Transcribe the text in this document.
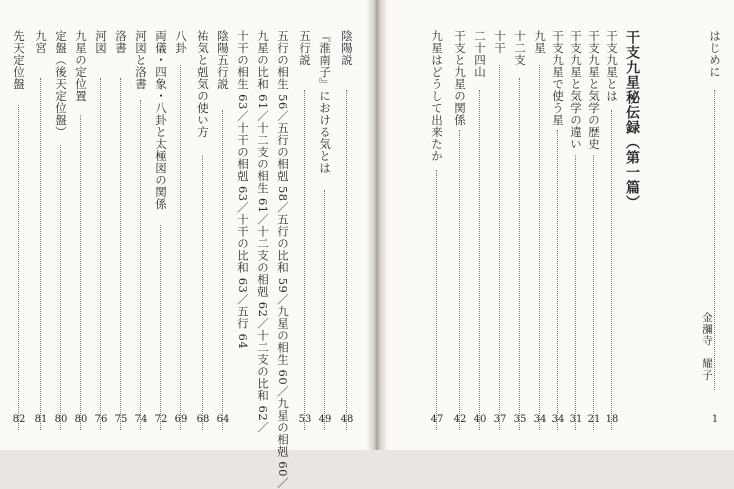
はじめに
1
金瀰寺　耀子
干支九星秘伝録（第一篇）
干支九星とは
18
干支九星と気学の歴史
21
干支九星と気学の違い
31
干支九星で使う星
34
九星
34
十二支
35
十干
37
二十四山
40
干支と九星の関係
42
九星はどうして出来たか
47
陰陽説
48
『淮南子』における気とは
49
五行説
53
五行の相生 56／五行の相剋 58／五行の比和 59／九星の相生 60／九星の相剋 60／
九星の比和 61／十二支の相生 61／十二支の相剋 62／十二支の比和 62／
十干の相生 63／十干の相剋 63／十干の比和 63／五行 64
陰陽五行説
64
祐気と剋気の使い方
68
八卦
69
両儀・四象・八卦と太極図の関係
72
河図と洛書
74
洛書
75
河図
76
九星の定位置
80
定盤（後天定位盤）
80
九宮
81
先天定位盤
82
